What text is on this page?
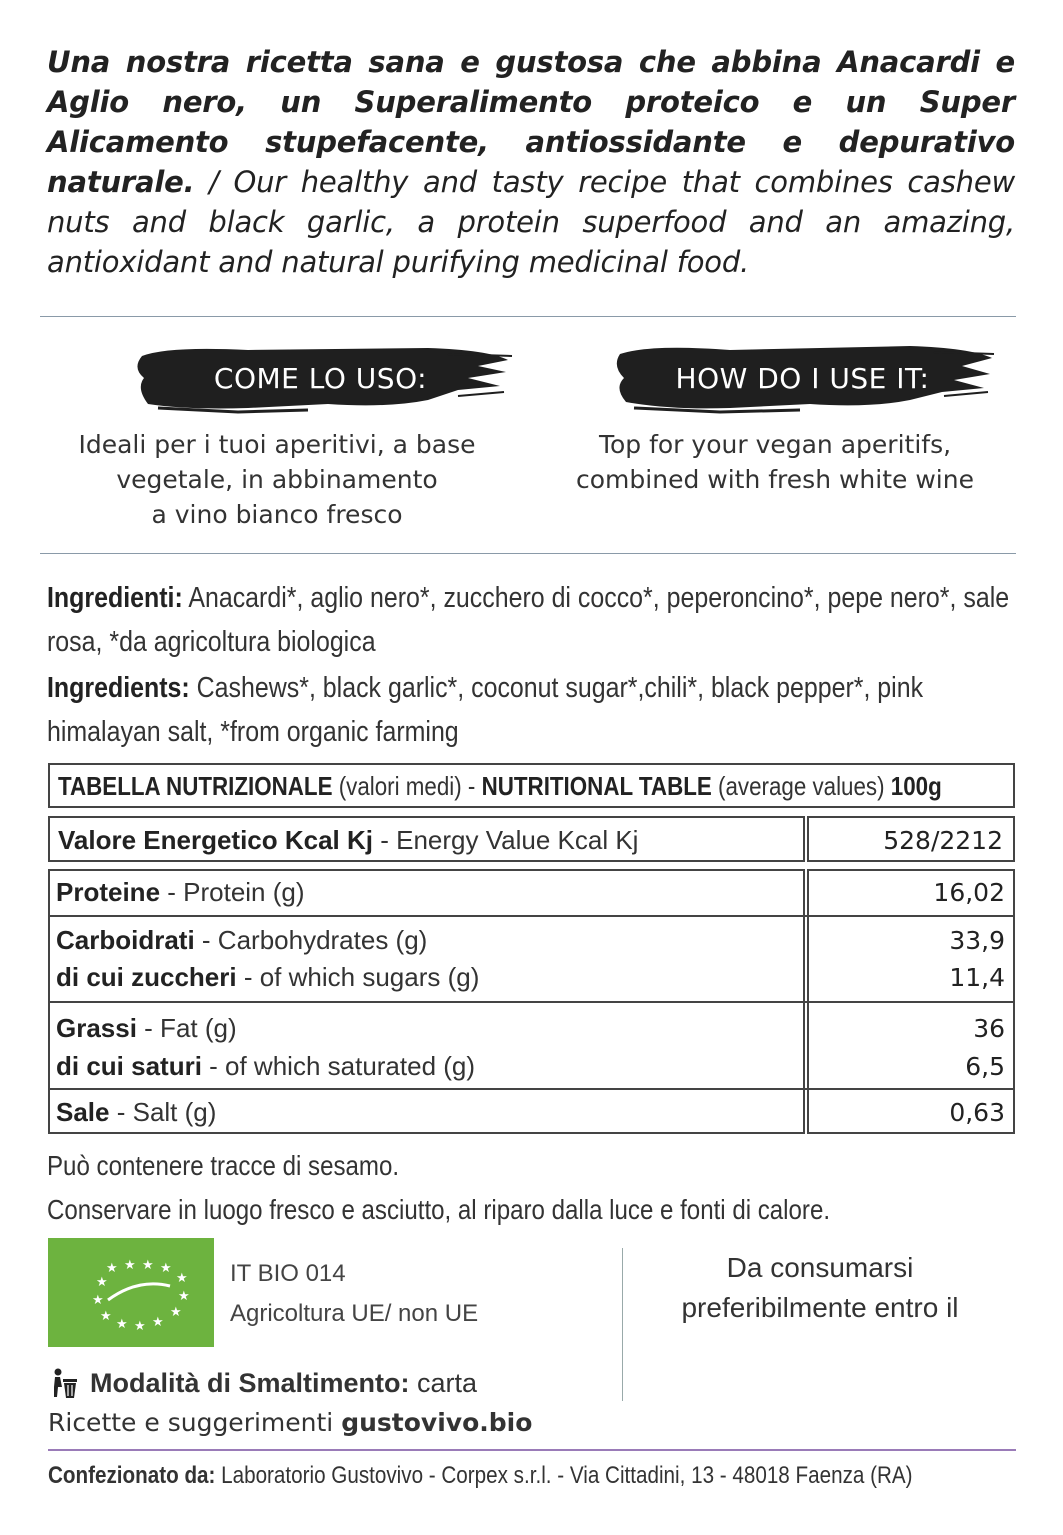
Una nostra ricetta sana e gustosa che abbina Anacardi e Aglio nero, un Superalimento proteico e un Super Alicamento stupefacente, antiossidante e depurativo naturale. / Our healthy and tasty recipe that combines cashew nuts and black garlic, a protein superfood and an amazing, antioxidant and natural purifying medicinal food.
COME LO USO:	HOW DO I USE IT:
Ideali per i tuoi aperitivi, a base
vegetale, in abbinamento
a vino bianco fresco
Top for your vegan aperitifs,
combined with fresh white wine
Ingredienti: Anacardi*, aglio nero*, zucchero di cocco*, peperoncino*, pepe nero*, sale rosa, *da agricoltura biologica
Ingredients: Cashews*, black garlic*, coconut sugar*,chili*, black pepper*, pink himalayan salt, *from organic farming
TABELLA NUTRIZIONALE (valori medi) - NUTRITIONAL TABLE (average values) 100g
Valore Energetico Kcal Kj - Energy Value Kcal Kj	528/2212
Proteine - Protein (g)	16,02
Carboidrati - Carbohydrates (g)	33,9
di cui zuccheri - of which sugars (g)	11,4
Grassi - Fat (g)	36
di cui saturi - of which saturated (g)	6,5
Sale - Salt (g)	0,63
Può contenere tracce di sesamo.
Conservare in luogo fresco e asciutto, al riparo dalla luce e fonti di calore.
★ ★ ★ ★
★
★
★	★
★	★
★ ★ ★
IT BIO 014
Agricoltura UE/ non UE
Da consumarsi
preferibilmente entro il
Modalità di Smaltimento: carta
Ricette e suggerimenti gustovivo.bio
Confezionato da: Laboratorio Gustovivo - Corpex s.r.l. - Via Cittadini, 13 - 48018 Faenza (RA)
